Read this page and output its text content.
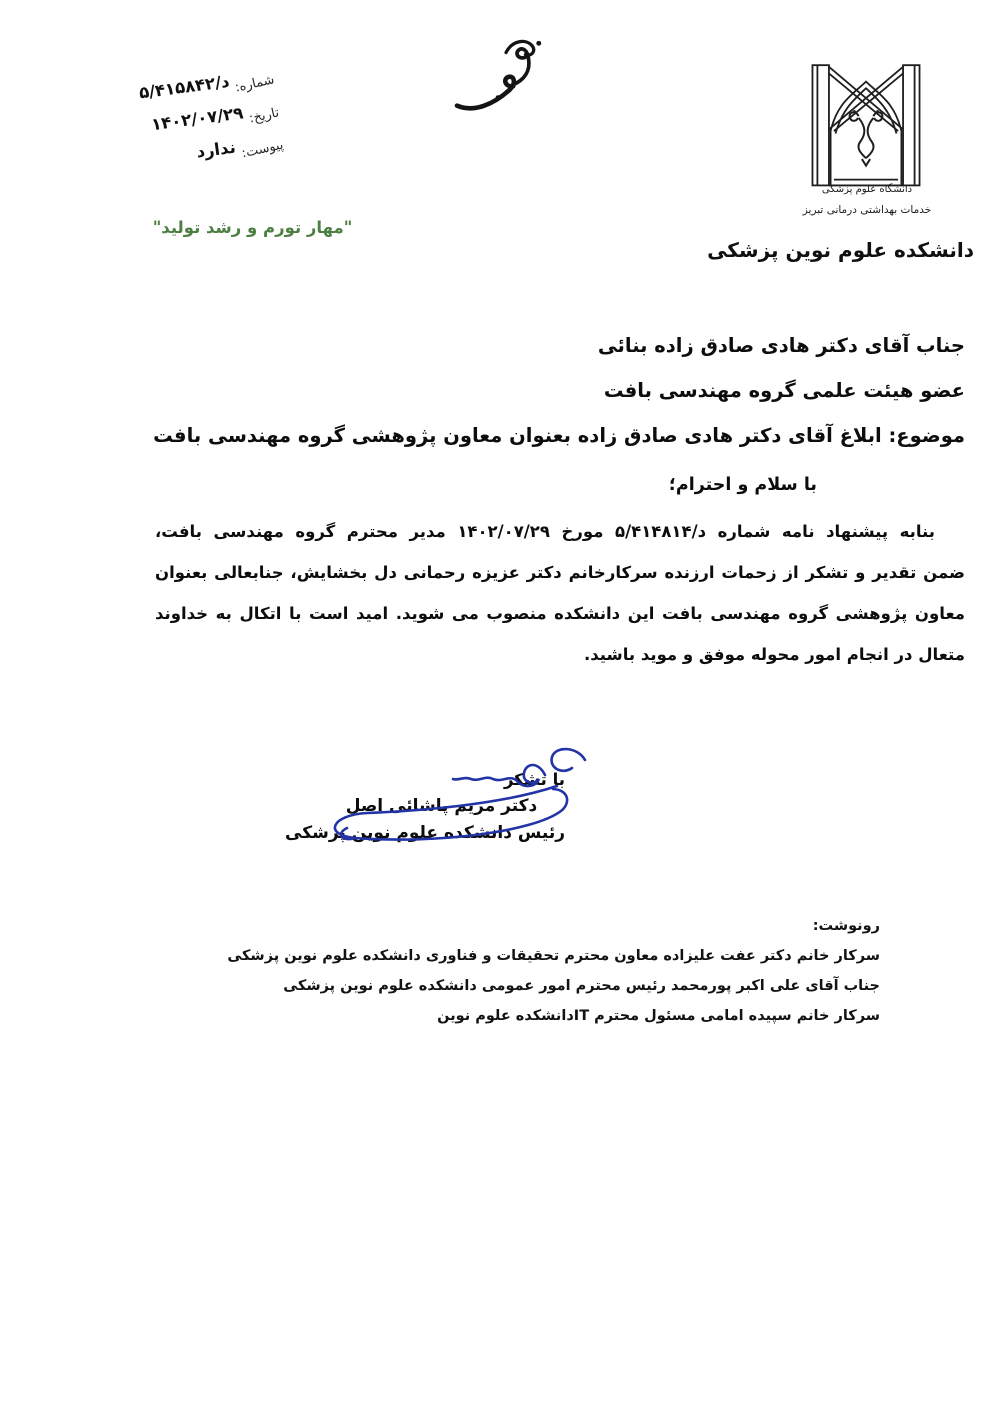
شماره:
⁦۵/د/۴۱۵۸۴۲⁩
تاریخ:
۱۴۰۲/۰۷/۲۹
پیوست:
ندارد
"مهار تورم و رشد تولید"
دانشگاه علوم پزشکی
خدمات بهداشتی درمانی تبریز
دانشکده علوم نوین پزشکی
جناب آقای دکتر هادی صادق زاده بنائی
عضو هیئت علمی گروه مهندسی بافت
موضوع: ابلاغ آقای دکتر هادی صادق زاده بعنوان معاون پژوهشی گروه مهندسی بافت
با سلام و احترام؛
بنابه پیشنهاد نامه شماره ⁦۵/د/۴۱۴۸۱۴⁩ مورخ ۱۴۰۲/۰۷/۲۹ مدیر محترم گروه مهندسی بافت،
ضمن تقدیر و تشکر از زحمات ارزنده سرکارخانم دکتر عزیزه رحمانی دل بخشایش، جنابعالی بعنوان
معاون پژوهشی گروه مهندسی بافت این دانشکده منصوب می شوید. امید است با اتکال به خداوند
متعال در انجام امور محوله موفق و موید باشید.
با تشکر
دکتر مریم پاشائی اصل
رئیس دانشکده علوم نوین پزشکی
رونوشت:
سرکار خانم دکتر عفت علیزاده معاون محترم تحقیقات و فناوری دانشکده علوم نوین پزشکی
جناب آقای علی اکبر پورمحمد رئیس محترم امور عمومی دانشکده علوم نوین پزشکی
سرکار خانم سپیده امامی مسئول محترم ITدانشکده علوم نوین
